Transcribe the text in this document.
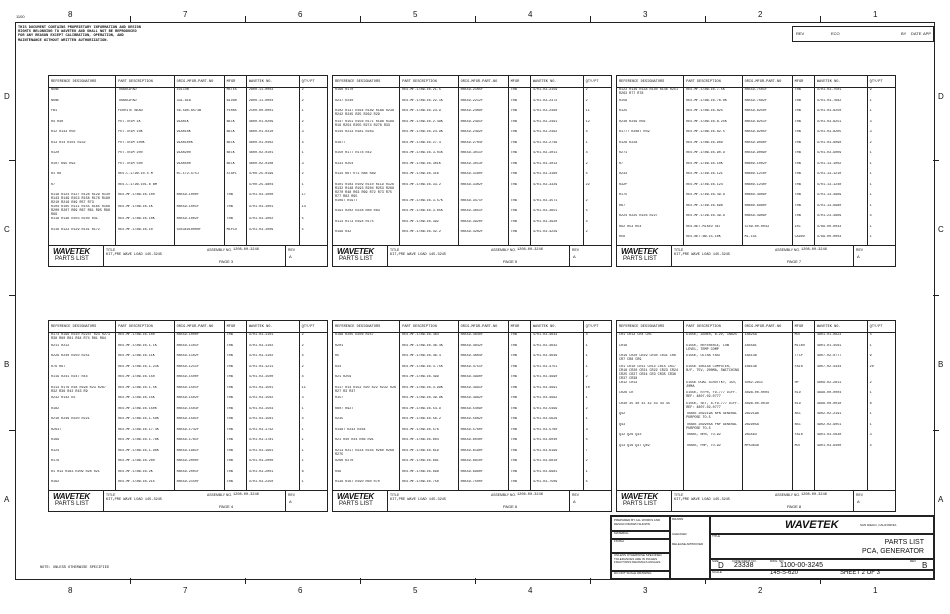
8	7	6	5	4	3	2	1
8	7	6	5	4	3	2	1
D
C
B
A
D
C
B
A
1100
THIS DOCUMENT CONTAINS PROPRIETARY INFORMATION AND DESIGN RIGHTS BELONGING TO WAVETEK AND SHALL NOT BE REPRODUCED FOR ANY REASON EXCEPT CALIBRATION, OPERATION, AND MAINTENANCE WITHOUT WRITTEN AUTHORIZATION.
REV	ECO	BY DATE APP
REFERENCE DESIGNATORS	PART DESCRIPTION	ORIG-MFGR-PART-NO	MFGR	WAVETEK NO.	QTY/PT
NONE	TRANSIPAD	10ICON	METEX	2800-11-0003	2
NONE	TRANSIPAD	331-818	BIVAR	2800-11-0004	2
FB1	FERRITE BEAD	56-590-65/3B	FERRX	2100-00-0001	1
R4 R40	POT.TRIM 1K	91AR1K	BECK	4600-01-0209	2
R12 R143 R50	POT.TRIM 10K	91AR10K	BECK	4600-01-0310	3
R13 R14 R101 R232	POT.TRIM 100K	91AR100K	BECK	4600-01-0402	4
R120	POT.TRIM 200	91AR200	BECK	4600-02-0101	1
R107 R95 R93	POT.TRIM 500	91AR500	BECK	4600-02-0108	3
R1 R8	RES.C.1/2W.10.5 M	RC-1/2-5/5J	STAPL	4700-25-0199	2
R7	RES.C.1/2W.101.6 BM			4700-25-4804	1
R118 R124 R127 R128 R129 R130 R143 R149 R153 R158 R176 R190 R210 R216 R49 R57 R73	RES.MF.1/8W.1%.100	RN55D-1000F	TRW	4701-03-1000	17
R104 R105 R111 R155 R165 R166 R200 R207 R69 R67 R81 R95 R96 R99	RES.MF.1/8W.1%.1K	RN55D-1001F	TRW	4701-03-1001	14
R118 R136 R203 R240 R41	RES.MF.1/8W.1%.10K	RN55D-1002F	TRW	4701-03-1002	5
R116 R122 R129 R141 R172	RES.MF.1/8W.1%.10	5043ED100R0F	MEPCO	4701-03-1009	5

WAVETEK
PARTS LIST
TITLE
KIT,PRE WAVE LOAD 145-3245
ASSEMBLY NO. 1208-00-3246
PAGE 3
REV
A
REFERENCE DESIGNATORS	PART DESCRIPTION	ORIG-MFGR-PART-NO	MFGR	WAVETEK NO.	QTY/PT
R166 R170	RES.MF.1/8W.1%.21.5	RN55D-21R5F	TRW	4701-03-2159	2
R237 R240	RES.MF.1/8W.1%.22.1K	RN55D-2212F	TRW	4701-03-2372	2
R102 R137 R164 R189 R18A R238 R242 R245 R25 R262 R29	RES.MF.1/8W.1%.24.9	RN55D-24R9F	TRW	4701-03-2490	11
R147 R151 R156 R171 R188 R189 R19 R254 R255 R274 R278 R33	RES.MF.1/8W.1%.2.49K	RN55D-2491F	TRW	4701-03-2491	12
R144 R213 R181 R283	RES.MF.1/8W.1%.24.9K	RN55D-2492F	TRW	4701-03-2492	4
R187T	RES.MF.1/8W.1%.27.4	RN55D-27R4F	TRW	4701-03-2749	1
R150 R177 R178 R42	RES.MF.1/8W.1%.3.01K	RN55D-3011F	TRW	4701-03-3011	4
R131 R254	RES.MF.1/8W.1%.301K	RN55D-3013F	TRW	4701-03-3013	2
R134 R67 R71 R88 R89	RES.MF.1/8W.1%.316	RN55D-3160F	TRW	4701-03-3160	5
R101 R103 R109 R110 R119 R126 R132 R148 R193 R204 R253 R269 R270 R48 R63 R69 R72 R73 R75 R77 R82 R95	RES.MF.1/8W.1%.33.2	RN55D-33R2F	TRW	4701-03-3329	22
R109T R197T	RES.MF.1/8W.1%.3.57K	RN55D-3571F	TRW	4701-03-3571	2
R191 R202 R238 R80 R83	RES.MF.1/8W.1%.3.65K	RN55D-3651F	TRW	4701-03-3651	5
R113 R173 R194 R175	RES.MF.1/8W.1%.392	RN55D-3920F	TRW	4701-03-3920	4
R199 R42	RES.MF.1/8W.1%.42.2	RN55D-42R2F	TRW	4701-03-4229	2

WAVETEK
PARTS LIST
TITLE
KIT,PRE WAVE LOAD 145-3245
ASSEMBLY NO. 1208-00-3246
PAGE 5
REV
A
REFERENCE DESIGNATORS	PART DESCRIPTION	ORIG-MFGR-PART-NO	MFGR	WAVETEK NO.	QTY/PT
R123 R136 R138 R140 R146 R251 R263 R77 R78	RES.MF.1/8W.1%.7.5K	RN55D-7501F	TRW	4701-03-7501	9
R156	RES.MF.1/8W.1%.76.8K	RN55D-7682F	TRW	4701-03-7682	1
R125	RES.MF.1/8W.1%.825	RN55D-8250F	TRW	4701-03-8250	1
R238 R249 R56	RES.MF.1/8W.1%.8.25K	RN55D-8251F	TRW	4701-03-8251	3
R177T R208T R59	RES.MF.1/8W.1%.82.5	RN55D-82R5F	TRW	4701-03-82R5	3
R128 R228	RES.MF.1/8W.1%.909	RN55D-9090F	TRW	4701-03-9090	2
R271	RES.MF.1/8W.1%.90.9	RN55D-90R9F	TRW	4701-03-90R9	1
R7	RES.MF.1/4W.1%.10K	RN60D-1002F	TRW	4701-13-1002	1
R233	RES.MF.1/4W.1%.121	RN60D-1210F	TRW	4701-13-1210	1
R32P	RES.MF.1/4W.1%.124	RN60D-1240F	TRW	4701-13-1240	1
R175	RES.MF.1/4W.1%.49.9	RN60D-49R9F	TRW	4701-13-49R9	1
R67	RES.MF.1/4W.1%.698	RN60D-6980F	TRW	4701-13-6980	1
R224 R225 R226 R227	RES.MF.1/2W.1%.49.9	RN65D-49R9F	TRW	4701-23-49R9	4
R92 R53 R54	RES.NET.MIXED SET	4789-00-0043	IRC	4789-00-0043	1
R56	RES.NET.6W.15.10K	ML-1S1	CADDO	4799-00-0003	1

WAVETEK
PARTS LIST
TITLE
KIT,PRE WAVE LOAD 145-3245
ASSEMBLY NO. 1208-00-3246
PAGE 7
REV
A
REFERENCE DESIGNATORS	PART DESCRIPTION	ORIG-MFGR-PART-NO	MFGR	WAVETEK NO.	QTY/PT
R173 R196 R210 R224T R24 R273 R38 R60 R61 R64 R74 R81 R84	RES.MF.1/8W.1%.100	RN55D-1000F	TRW	4701-03-1101	2
R211 R212	RES.MF.1/8W.1%.1.1K	RN55D-1101F	TRW	4701-03-1102	2
R229 R240 R250 R251	RES.MF.1/8W.1%.11K	RN55D-1102F	TRW	4701-03-1102	4
R76 R97	RES.MF.1/8W.1%.1.21K	RN55D-1211F	TRW	4701-03-1211	2
R119 R241 R247 R44	RES.MF.1/8W.1%.150	RN55D-1500F	TRW	4701-03-1500	4
R113 R176 R18 R198 R23 R267 R32 R36 R42 R43 R9	RES.MF.1/8W.1%.1.5K	RN55D-1501F	TRW	4701-03-1501	11
R232 R142 R2	RES.MF.1/8W.1%.15K	RN55D-1502F	TRW	4701-03-1502	3
R182	RES.MF.1/8W.1%.150K	RN55D-1503F	TRW	4701-03-1503	1
R218 R249 R220 R221	RES.MF.1/8W.1%.1.58K	RN55D-1581F	TRW	4701-03-1581	4
R263T	RES.MF.1/8W.1%.17.4K	RN55D-1742F	TRW	4701-03-1742	1
R169	RES.MF.1/8W.1%.1.78K	RN55D-1781F	TRW	4701-03-1781	1
R124	RES.MF.1/8W.1%.1.96K	RN55D-1961F	TRW	4701-03-1961	1
R179	RES.MF.1/8W.1%.200	RN55D-2000F	TRW	4701-03-2000	1
R1 R13 R183 R209 R28 R21	RES.MF.1/8W.1%.2K	RN55D-2001F	TRW	4701-03-2001	6
R162	RES.MF.1/8W.1%.215	RN55D-2150F	TRW	4701-03-2150	1

WAVETEK
PARTS LIST
TITLE
KIT,PRE WAVE LOAD 145-3245
ASSEMBLY NO. 1208-00-3246
PAGE 4
REV
A
REFERENCE DESIGNATORS	PART DESCRIPTION	ORIG-MFGR-PART-NO	MFGR	WAVETEK NO.	QTY/PT
R16A R205 R206 R257	RES.MF.1/8W.1%.464	RN55D-4640F	TRW	4701-03-4643	4
R201	RES.MF.1/8W.1%.46.4K	RN55D-4642F	TRW	4701-03-4642	1
R5	RES.MF.1/8W.1%.46.4	RN55D-46R4F	TRW	4701-03-4649	1
R34	RES.MF.1/8W.1%.4.75K	RN55D-4751F	TRW	4701-03-4751	1
R21 R259	RES.MF.1/8W.1%.499	RN55D-4990F	TRW	4701-03-4990	2
R117 R14 R152 R20 R22 R232 R26 R27 R3 R37	RES.MF.1/8W.1%.4.99K	RN55D-4991F	TRW	4701-03-4991	10
R157	RES.MF.1/8W.1%.49.9K	RN55D-4992F	TRW	4701-03-4992	1
R807 R927	RES.MF.1/8W.1%.54.9	RN55D-54R9F	TRW	4701-03-5499	2
R235	RES.MF.1/8W.1%.56.2	RN55D-56R2F	TRW	4701-03-5629	1
R148T R243 R264	RES.MF.1/8W.1%.576	RN55D-5760F	TRW	4701-03-5760	3
R21 R40 R44 R86 R91	RES.MF.1/8W.1%.604	RN55D-6040F	TRW	4701-03-6040	5
R213 R217 R234 R244 R260 R268 R275	RES.MF.1/8W.1%.619	RN55D-6190F	TRW	4701-03-6199	7
R266 R270	RES.MF.1/8W.1%.681	RN55D-6810F	TRW	4701-03-6810	2
R46	RES.MF.1/8W.1%.698	RN55D-6980F	TRW	4701-03-6981	1
R139 R167 R190 R60 R70	RES.MF.1/8W.1%.750	RN55D-7500F	TRW	4701-03-7509	5

WAVETEK
PARTS LIST
TITLE
KIT,PRE WAVE LOAD 145-3245
ASSEMBLY NO. 1208-00-3246
PAGE 6
REV
A
REFERENCE DESIGNATORS	PART DESCRIPTION	ORIG-MFGR-PART-NO	MFGR	WAVETEK NO.	QTY/PT
CR1 CR13 CR4 CR5	DIODE, ZENER, 6.2V, 1N825	1N825A	MOT	4801-01-0823	4
CR16	DIODE, REFERENCE, LOW LEVEL, TEMP COMP	1N4581	MICRO	4801-01-4581	1
CR19 CR20 CR29 CR30 CR31 CR6 CR7 CR8 CR9	DIODE, ULTRA FAST	1N4148	T/CP	4807-02-0777	9
CR1 CR10 CR11 CR14 CR15 CR17 CR18 CR20 CR21 CR22 CR23 CR24 CR25 CR27 CR34 CR3 CR35 CR36 CR37 CR38	DIODE 1N5148 COMPUTER, B/F, 75V, 200MA, SWITCHING	1N6148	FAIR	4807-02-4444	20
CR12 CR13	DIODE DUAL SCHOTTKY, 15V, 20MA	5082-2811	HP	4809-02-2811	2
CR26 CR	DIODE, R/PR, FD-777 DIFF. REF: 4807-02-0777	4898-00-0004	RLD	4898-00-0004	1
CR30 35 40 41 42 43 44 45	DIODE, SET, 8-FD-777 DIFF. REF: 4807-02-0777	4898-00-0010	RLD	4898-00-0010	8
Q42	TRANS 2N2219A NPN GENERAL PURPOSE TO-5	2N2219A	NSC	4902-02-2191	1
Q43	TRANS 2N2905A PNP GENERAL PURPOSE TO-5	2N2905A	NSC	4902-02-9051	1
Q12 Q26 Q33	TRANS, NPN, TO-92	2N3563	FAIR	4901-03-5630	3
Q13 Q16 Q37 Q49	TRANS, PNP, TO-92	MPS3638	MOT	4901-03-6400	4

WAVETEK
PARTS LIST
TITLE
KIT,PRE WAVE LOAD 145-3245
ASSEMBLY NO. 1208-00-3246
PAGE 8
REV
A
PREPARED BY ALL WORKS AND DESIGN DRAWN SHOWN
MATERIAL
FINISH
UNLESS OTHERWISE SPECIFIED TOLERANCES ARE IN INCHES FRACTIONS DECIMALS ANGLES
DO NOT SCALE DRAWING
DRAWN
CHECKED
RELEASE APPROVED
WAVETEK	SAN DIEGO, CALIFORNIA
TITLE
PARTS LIST
PCA, GENERATOR
SIZE D	CODE IDENT NO.
23338
DWG. NO.
1100-00-3245
REV B
SCALE	145-S-620	SHEET 2 OF 3
NOTE: UNLESS OTHERWISE SPECIFIED
